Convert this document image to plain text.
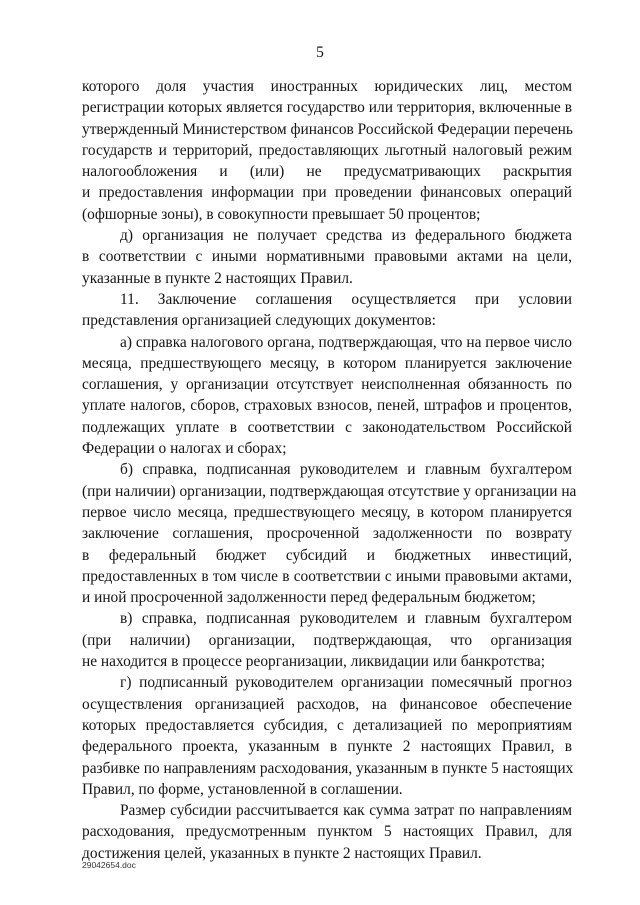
5
которого доля участия иностранных юридических лиц, местом
регистрации которых является государство или территория, включенные в
утвержденный Министерством финансов Российской Федерации перечень
государств и территорий, предоставляющих льготный налоговый режим
налогообложения и (или) не предусматривающих раскрытия
и предоставления информации при проведении финансовых операций
(офшорные зоны), в совокупности превышает 50 процентов;
д) организация не получает средства из федерального бюджета
в соответствии с иными нормативными правовыми актами на цели,
указанные в пункте 2 настоящих Правил.
11. Заключение соглашения осуществляется при условии
представления организацией следующих документов:
а) справка налогового органа, подтверждающая, что на первое число
месяца, предшествующего месяцу, в котором планируется заключение
соглашения, у организации отсутствует неисполненная обязанность по
уплате налогов, сборов, страховых взносов, пеней, штрафов и процентов,
подлежащих уплате в соответствии с законодательством Российской
Федерации о налогах и сборах;
б) справка, подписанная руководителем и главным бухгалтером
(при наличии) организации, подтверждающая отсутствие у организации на
первое число месяца, предшествующего месяцу, в котором планируется
заключение соглашения, просроченной задолженности по возврату
в федеральный бюджет субсидий и бюджетных инвестиций,
предоставленных в том числе в соответствии с иными правовыми актами,
и иной просроченной задолженности перед федеральным бюджетом;
в) справка, подписанная руководителем и главным бухгалтером
(при наличии) организации, подтверждающая, что организация
не находится в процессе реорганизации, ликвидации или банкротства;
г) подписанный руководителем организации помесячный прогноз
осуществления организацией расходов, на финансовое обеспечение
которых предоставляется субсидия, с детализацией по мероприятиям
федерального проекта, указанным в пункте 2 настоящих Правил, в
разбивке по направлениям расходования, указанным в пункте 5 настоящих
Правил, по форме, установленной в соглашении.
Размер субсидии рассчитывается как сумма затрат по направлениям
расходования, предусмотренным пунктом 5 настоящих Правил, для
достижения целей, указанных в пункте 2 настоящих Правил.
29042654.doc
